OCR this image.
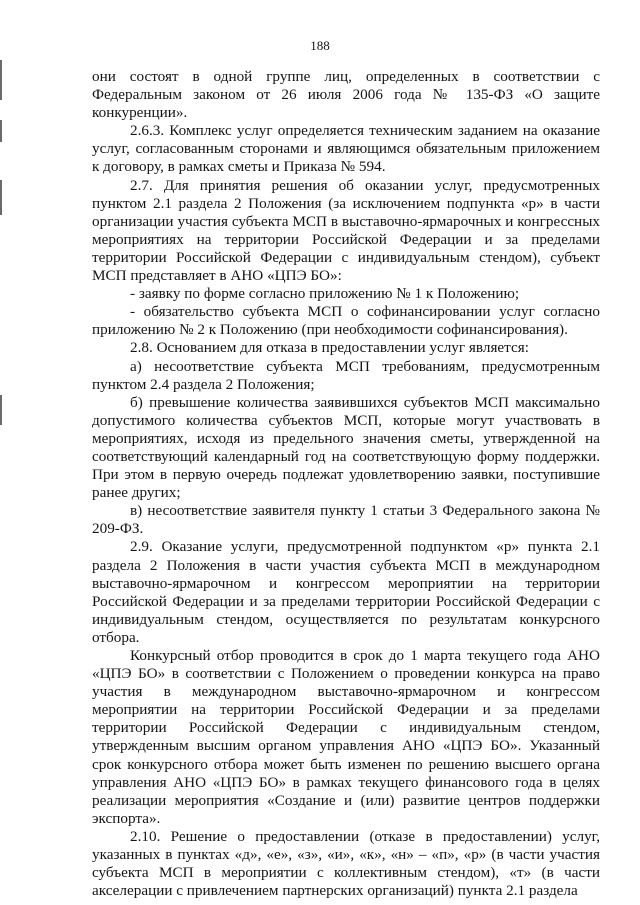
188

они состоят в одной группе лиц, определенных в соответствии с Федеральным законом от 26 июля 2006 года № 135-ФЗ «О защите конкуренции».

2.6.3. Комплекс услуг определяется техническим заданием на оказание услуг, согласованным сторонами и являющимся обязательным приложением к договору, в рамках сметы и Приказа № 594.

2.7. Для принятия решения об оказании услуг, предусмотренных пунктом 2.1 раздела 2 Положения (за исключением подпункта «р» в части организации участия субъекта МСП в выставочно-ярмарочных и конгрессных мероприятиях на территории Российской Федерации и за пределами территории Российской Федерации с индивидуальным стендом), субъект МСП представляет в АНО «ЦПЭ БО»:

- заявку по форме согласно приложению № 1 к Положению;

- обязательство субъекта МСП о софинансировании услуг согласно приложению № 2 к Положению (при необходимости софинансирования).

2.8. Основанием для отказа в предоставлении услуг является:

а) несоответствие субъекта МСП требованиям, предусмотренным пунктом 2.4 раздела 2 Положения;

б) превышение количества заявившихся субъектов МСП максимально допустимого количества субъектов МСП, которые могут участвовать в мероприятиях, исходя из предельного значения сметы, утвержденной на соответствующий календарный год на соответствующую форму поддержки. При этом в первую очередь подлежат удовлетворению заявки, поступившие ранее других;

в) несоответствие заявителя пункту 1 статьи 3 Федерального закона № 209-ФЗ.

2.9. Оказание услуги, предусмотренной подпунктом «р» пункта 2.1 раздела 2 Положения в части участия субъекта МСП в международном выставочно-ярмарочном и конгрессом мероприятии на территории Российской Федерации и за пределами территории Российской Федерации с индивидуальным стендом, осуществляется по результатам конкурсного отбора.

Конкурсный отбор проводится в срок до 1 марта текущего года АНО «ЦПЭ БО» в соответствии с Положением о проведении конкурса на право участия в международном выставочно-ярмарочном и конгрессом мероприятии на территории Российской Федерации и за пределами территории Российской Федерации с индивидуальным стендом, утвержденным высшим органом управления АНО «ЦПЭ БО». Указанный срок конкурсного отбора может быть изменен по решению высшего органа управления АНО «ЦПЭ БО» в рамках текущего финансового года в целях реализации мероприятия «Создание и (или) развитие центров поддержки экспорта».

2.10. Решение о предоставлении (отказе в предоставлении) услуг, указанных в пунктах «д», «е», «з», «и», «к», «н» – «п», «р» (в части участия субъекта МСП в мероприятии с коллективным стендом), «т» (в части акселерации с привлечением партнерских организаций) пункта 2.1 раздела
